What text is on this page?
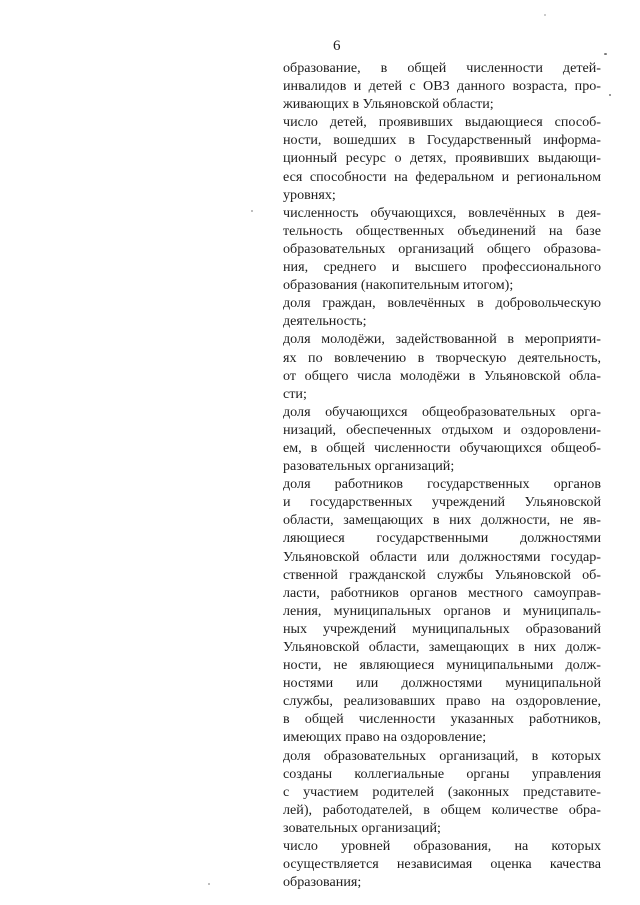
6
образование, в общей численности детей-
инвалидов и детей с ОВЗ данного возраста, про-
живающих в Ульяновской области;
число детей, проявивших выдающиеся способ-
ности, вошедших в Государственный информа-
ционный ресурс о детях, проявивших выдающи-
еся способности на федеральном и региональном
уровнях;
численность обучающихся, вовлечённых в дея-
тельность общественных объединений на базе
образовательных организаций общего образова-
ния, среднего и высшего профессионального
образования (накопительным итогом);
доля граждан, вовлечённых в добровольческую
деятельность;
доля молодёжи, задействованной в мероприяти-
ях по вовлечению в творческую деятельность,
от общего числа молодёжи в Ульяновской обла-
сти;
доля обучающихся общеобразовательных орга-
низаций, обеспеченных отдыхом и оздоровлени-
ем, в общей численности обучающихся общеоб-
разовательных организаций;
доля работников государственных органов
и государственных учреждений Ульяновской
области, замещающих в них должности, не яв-
ляющиеся государственными должностями
Ульяновской области или должностями государ-
ственной гражданской службы Ульяновской об-
ласти, работников органов местного самоуправ-
ления, муниципальных органов и муниципаль-
ных учреждений муниципальных образований
Ульяновской области, замещающих в них долж-
ности, не являющиеся муниципальными долж-
ностями или должностями муниципальной
службы, реализовавших право на оздоровление,
в общей численности указанных работников,
имеющих право на оздоровление;
доля образовательных организаций, в которых
созданы коллегиальные органы управления
с участием родителей (законных представите-
лей), работодателей, в общем количестве обра-
зовательных организаций;
число уровней образования, на которых
осуществляется независимая оценка качества
образования;
